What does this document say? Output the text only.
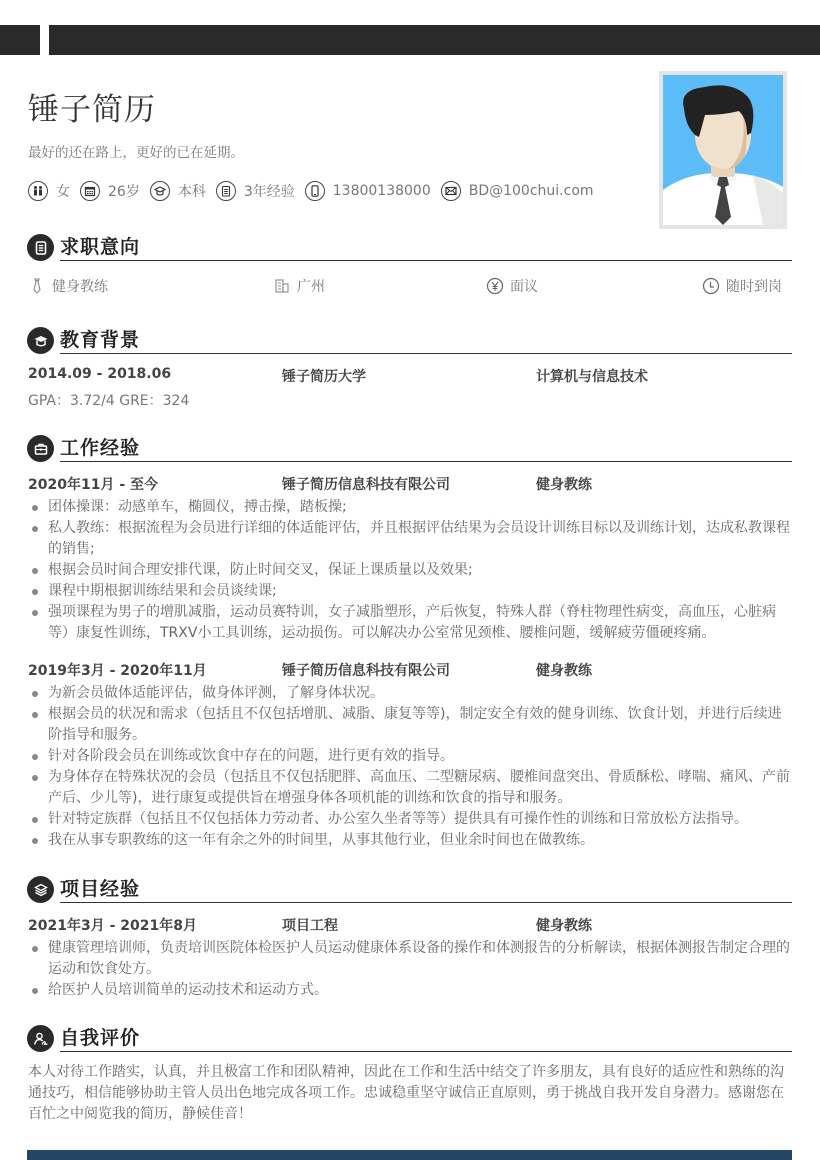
锤子简历
最好的还在路上，更好的已在延期。
女	26岁	本科	3年经验	13800138000	BD@100chui.com
求职意向
健身教练	广州	面议	随时到岗
教育背景
2014.09 - 2018.06	锤子简历大学	计算机与信息技术
GPA：3.72/4 GRE：324
工作经验
2020年11月 - 至今	锤子简历信息科技有限公司	健身教练
团体操课：动感单车，椭圆仪，搏击操，踏板操;
私人教练：根据流程为会员进行详细的体适能评估，并且根据评估结果为会员设计训练目标以及训练计划，达成私教课程的销售;
根据会员时间合理安排代课，防止时间交叉，保证上课质量以及效果;
课程中期根据训练结果和会员谈续课;
强项课程为男子的增肌减脂，运动员赛特训，女子减脂塑形，产后恢复，特殊人群（脊柱物理性病变，高血压，心脏病等）康复性训练，TRXV小工具训练，运动损伤。可以解决办公室常见颈椎、腰椎问题，缓解疲劳僵硬疼痛。
2019年3月 - 2020年11月	锤子简历信息科技有限公司	健身教练
为新会员做体适能评估，做身体评测，了解身体状况。
根据会员的状况和需求（包括且不仅包括增肌、减脂、康复等等)，制定安全有效的健身训练、饮食计划，并进行后续进阶指导和服务。
针对各阶段会员在训练或饮食中存在的问题，进行更有效的指导。
为身体存在特殊状况的会员（包括且不仅包括肥胖、高血压、二型糖尿病、腰椎间盘突出、骨质酥松、哮喘、痛风、产前产后、少儿等)，进行康复或提供旨在增强身体各项机能的训练和饮食的指导和服务。
针对特定族群（包括且不仅包括体力劳动者、办公室久坐者等等）提供具有可操作性的训练和日常放松方法指导。
我在从事专职教练的这一年有余之外的时间里，从事其他行业，但业余时间也在做教练。
项目经验
2021年3月 - 2021年8月	项目工程	健身教练
健康管理培训师，负责培训医院体检医护人员运动健康体系设备的操作和体测报告的分析解读，根据体测报告制定合理的运动和饮食处方。
给医护人员培训简单的运动技术和运动方式。
自我评价

本人对待工作踏实，认真，并且极富工作和团队精神，因此在工作和生活中结交了许多朋友，具有良好的适应性和熟练的沟通技巧，相信能够协助主管人员出色地完成各项工作。忠诚稳重坚守诚信正直原则，勇于挑战自我开发自身潜力。感谢您在百忙之中阅览我的简历，静候佳音！
